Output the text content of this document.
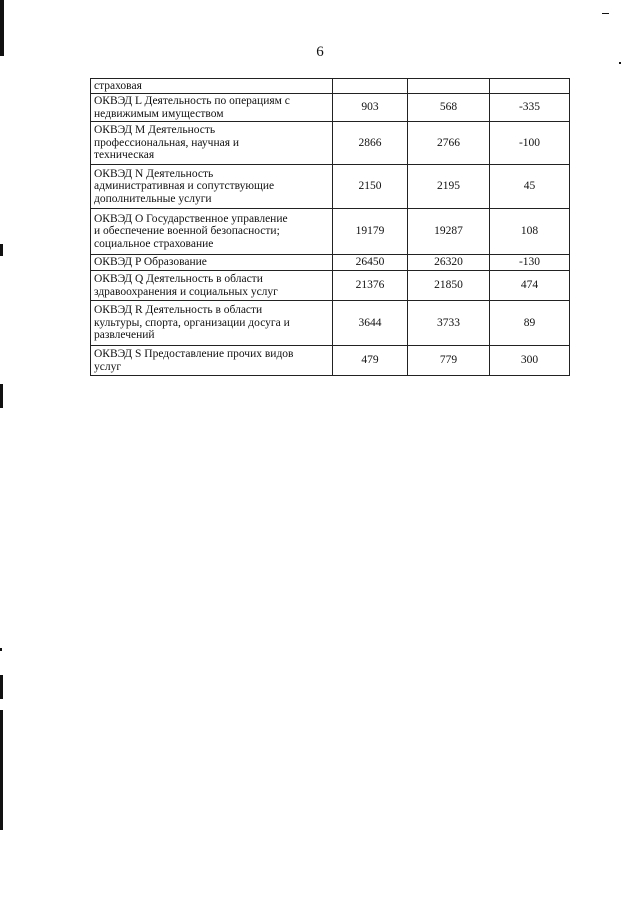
6
страховая			
ОКВЭД L Деятельность по операциям с
недвижимым имуществом	903	568	-335
ОКВЭД M Деятельность
профессиональная, научная и
техническая	2866	2766	-100
ОКВЭД N Деятельность
административная и сопутствующие
дополнительные услуги	2150	2195	45
ОКВЭД O Государственное управление
и обеспечение военной безопасности;
социальное страхование	19179	19287	108
ОКВЭД P Образование	26450	26320	-130
ОКВЭД Q Деятельность в области
здравоохранения и социальных услуг	21376	21850	474
ОКВЭД R Деятельность в области
культуры, спорта, организации досуга и
развлечений	3644	3733	89
ОКВЭД S Предоставление прочих видов
услуг	479	779	300
